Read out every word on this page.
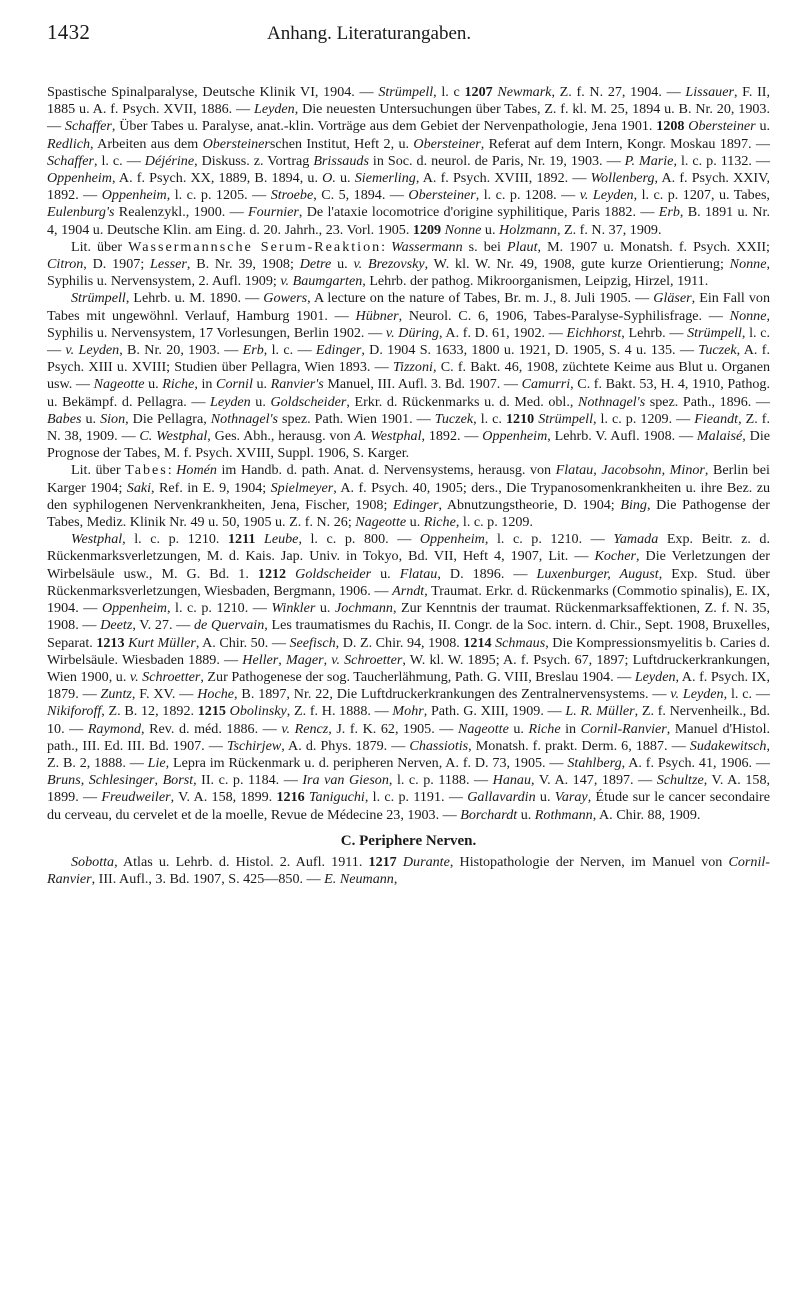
1432	Anhang. Literaturangaben.

Spastische Spinalparalyse, Deutsche Klinik VI, 1904. — Strümpell, l. c 1207 Newmark, Z. f. N. 27, 1904. — Lissauer, F. II, 1885 u. A. f. Psych. XVII, 1886. — Leyden, Die neuesten Untersuchungen über Tabes, Z. f. kl. M. 25, 1894 u. B. Nr. 20, 1903. — Schaffer, Über Tabes u. Paralyse, anat.-klin. Vorträge aus dem Gebiet der Nervenpathologie, Jena 1901. 1208 Obersteiner u. Redlich, Arbeiten aus dem Obersteinerschen Institut, Heft 2, u. Obersteiner, Referat auf dem Intern, Kongr. Moskau 1897. — Schaffer, l. c. — Déjérine, Diskuss. z. Vortrag Brissauds in Soc. d. neurol. de Paris, Nr. 19, 1903. — P. Marie, l. c. p. 1132. — Oppenheim, A. f. Psych. XX, 1889, B. 1894, u. O. u. Siemerling, A. f. Psych. XVIII, 1892. — Wollenberg, A. f. Psych. XXIV, 1892. — Oppenheim, l. c. p. 1205. — Stroebe, C. 5, 1894. — Obersteiner, l. c. p. 1208. — v. Leyden, l. c. p. 1207, u. Tabes, Eulenburg's Realenzykl., 1900. — Fournier, De l'ataxie locomotrice d'origine syphilitique, Paris 1882. — Erb, B. 1891 u. Nr. 4, 1904 u. Deutsche Klin. am Eing. d. 20. Jahrh., 23. Vorl. 1905. 1209 Nonne u. Holzmann, Z. f. N. 37, 1909.

Lit. über Wassermannsche Serum-Reaktion: Wassermann s. bei Plaut, M. 1907 u. Monatsh. f. Psych. XXII; Citron, D. 1907; Lesser, B. Nr. 39, 1908; Detre u. v. Brezovsky, W. kl. W. Nr. 49, 1908, gute kurze Orientierung; Nonne, Syphilis u. Nervensystem, 2. Aufl. 1909; v. Baumgarten, Lehrb. der pathog. Mikroorganismen, Leipzig, Hirzel, 1911.

Strümpell, Lehrb. u. M. 1890. — Gowers, A lecture on the nature of Tabes, Br. m. J., 8. Juli 1905. — Gläser, Ein Fall von Tabes mit ungewöhnl. Verlauf, Hamburg 1901. — Hübner, Neurol. C. 6, 1906, Tabes-Paralyse-Syphilisfrage. — Nonne, Syphilis u. Nervensystem, 17 Vorlesungen, Berlin 1902. — v. Düring, A. f. D. 61, 1902. — Eichhorst, Lehrb. — Strümpell, l. c. — v. Leyden, B. Nr. 20, 1903. — Erb, l. c. — Edinger, D. 1904 S. 1633, 1800 u. 1921, D. 1905, S. 4 u. 135. — Tuczek, A. f. Psych. XIII u. XVIII; Studien über Pellagra, Wien 1893. — Tizzoni, C. f. Bakt. 46, 1908, züchtete Keime aus Blut u. Organen usw. — Nageotte u. Riche, in Cornil u. Ranvier's Manuel, III. Aufl. 3. Bd. 1907. — Camurri, C. f. Bakt. 53, H. 4, 1910, Pathog. u. Bekämpf. d. Pellagra. — Leyden u. Goldscheider, Erkr. d. Rückenmarks u. d. Med. obl., Nothnagel's spez. Path., 1896. — Babes u. Sion, Die Pellagra, Nothnagel's spez. Path. Wien 1901. — Tuczek, l. c. 1210 Strümpell, l. c. p. 1209. — Fieandt, Z. f. N. 38, 1909. — C. Westphal, Ges. Abh., herausg. von A. Westphal, 1892. — Oppenheim, Lehrb. V. Aufl. 1908. — Malaisé, Die Prognose der Tabes, M. f. Psych. XVIII, Suppl. 1906, S. Karger.

Lit. über Tabes: Homén im Handb. d. path. Anat. d. Nervensystems, herausg. von Flatau, Jacobsohn, Minor, Berlin bei Karger 1904; Saki, Ref. in E. 9, 1904; Spielmeyer, A. f. Psych. 40, 1905; ders., Die Trypanosomenkrankheiten u. ihre Bez. zu den syphilogenen Nervenkrankheiten, Jena, Fischer, 1908; Edinger, Abnutzungstheorie, D. 1904; Bing, Die Pathogense der Tabes, Mediz. Klinik Nr. 49 u. 50, 1905 u. Z. f. N. 26; Nageotte u. Riche, l. c. p. 1209.

Westphal, l. c. p. 1210. 1211 Leube, l. c. p. 800. — Oppenheim, l. c. p. 1210. — Yamada Exp. Beitr. z. d. Rückenmarksverletzungen, M. d. Kais. Jap. Univ. in Tokyo, Bd. VII, Heft 4, 1907, Lit. — Kocher, Die Verletzungen der Wirbelsäule usw., M. G. Bd. 1. 1212 Goldscheider u. Flatau, D. 1896. — Luxenburger, August, Exp. Stud. über Rückenmarksverletzungen, Wiesbaden, Bergmann, 1906. — Arndt, Traumat. Erkr. d. Rückenmarks (Commotio spinalis), E. IX, 1904. — Oppenheim, l. c. p. 1210. — Winkler u. Jochmann, Zur Kenntnis der traumat. Rückenmarksaffektionen, Z. f. N. 35, 1908. — Deetz, V. 27. — de Quervain, Les traumatismes du Rachis, II. Congr. de la Soc. intern. d. Chir., Sept. 1908, Bruxelles, Separat. 1213 Kurt Müller, A. Chir. 50. — Seefisch, D. Z. Chir. 94, 1908. 1214 Schmaus, Die Kompressionsmyelitis b. Caries d. Wirbelsäule. Wiesbaden 1889. — Heller, Mager, v. Schroetter, W. kl. W. 1895; A. f. Psych. 67, 1897; Luftdruckerkrankungen, Wien 1900, u. v. Schroetter, Zur Pathogenese der sog. Taucherlähmung, Path. G. VIII, Breslau 1904. — Leyden, A. f. Psych. IX, 1879. — Zuntz, F. XV. — Hoche, B. 1897, Nr. 22, Die Luftdruckerkrankungen des Zentralnervensystems. — v. Leyden, l. c. — Nikiforoff, Z. B. 12, 1892. 1215 Obolinsky, Z. f. H. 1888. — Mohr, Path. G. XIII, 1909. — L. R. Müller, Z. f. Nervenheilk., Bd. 10. — Raymond, Rev. d. méd. 1886. — v. Rencz, J. f. K. 62, 1905. — Nageotte u. Riche in Cornil-Ranvier, Manuel d'Histol. path., III. Ed. III. Bd. 1907. — Tschirjew, A. d. Phys. 1879. — Chassiotis, Monatsh. f. prakt. Derm. 6, 1887. — Sudakewitsch, Z. B. 2, 1888. — Lie, Lepra im Rückenmark u. d. peripheren Nerven, A. f. D. 73, 1905. — Stahlberg, A. f. Psych. 41, 1906. — Bruns, Schlesinger, Borst, II. c. p. 1184. — Ira van Gieson, l. c. p. 1188. — Hanau, V. A. 147, 1897. — Schultze, V. A. 158, 1899. — Freudweiler, V. A. 158, 1899. 1216 Taniguchi, l. c. p. 1191. — Gallavardin u. Varay, Étude sur le cancer secondaire du cerveau, du cervelet et de la moelle, Revue de Médecine 23, 1903. — Borchardt u. Rothmann, A. Chir. 88, 1909.

C. Periphere Nerven.

Sobotta, Atlas u. Lehrb. d. Histol. 2. Aufl. 1911. 1217 Durante, Histopathologie der Nerven, im Manuel von Cornil-Ranvier, III. Aufl., 3. Bd. 1907, S. 425—850. — E. Neumann,
